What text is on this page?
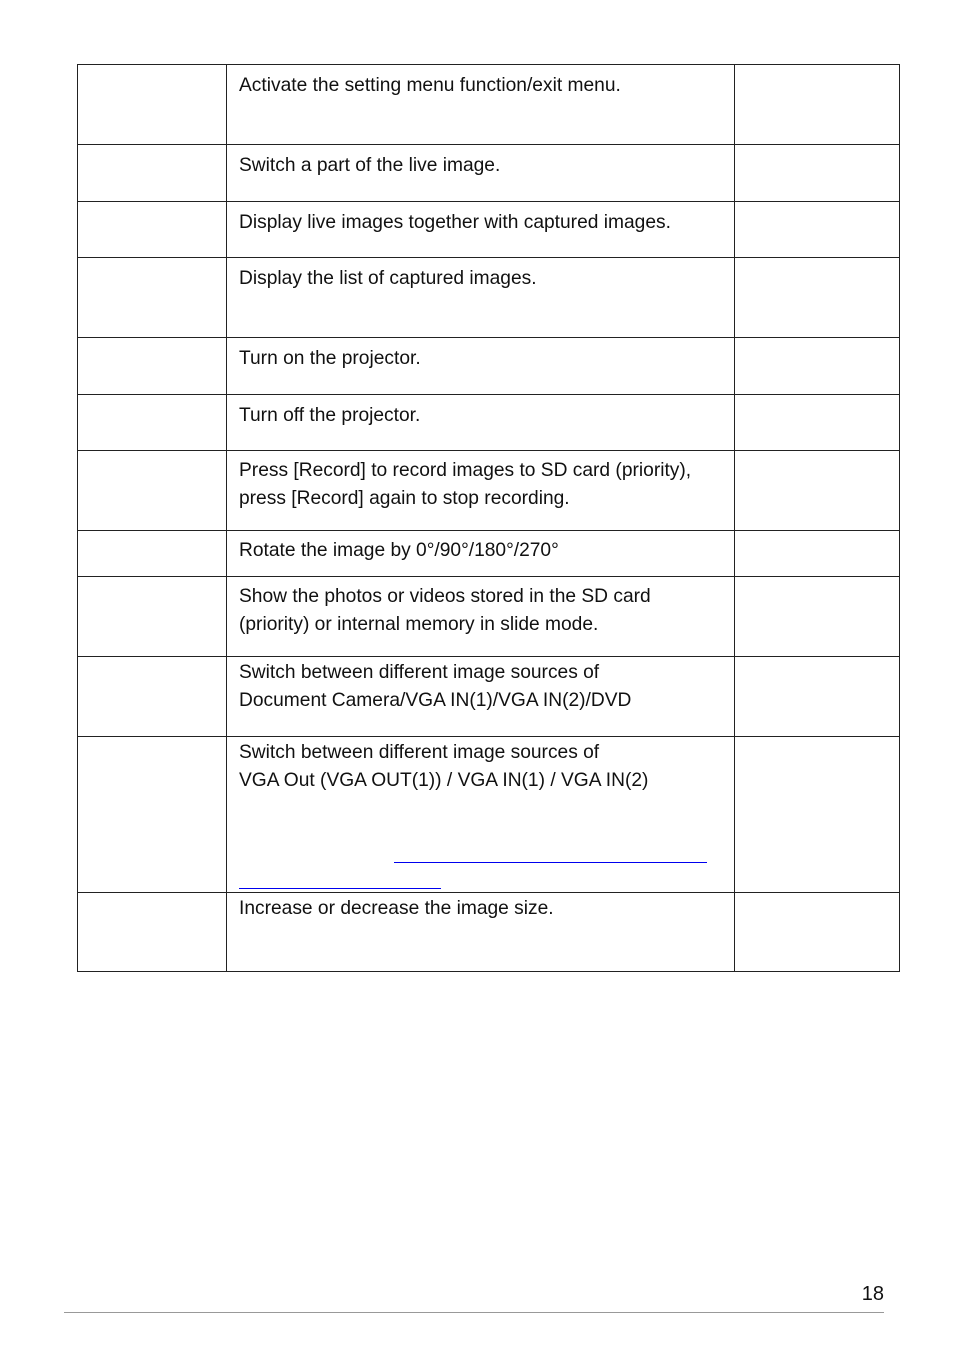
	Activate the setting menu function/exit menu.	

	Switch a part of the live image.	

	Display live images together with captured images.	

	Display the list of captured images.	

	Turn on the projector.	

	Turn off the projector.	

	Press [Record] to record images to SD card (priority),
press [Record] again to stop recording.	

	Rotate the image by 0°/90°/180°/270°	

	Show the photos or videos stored in the SD card
(priority) or internal memory in slide mode.	

	Switch between different image sources of
Document Camera/VGA IN(1)/VGA IN(2)/DVD	

	Switch between different image sources of
VGA Out (VGA OUT(1)) / VGA IN(1) / VGA IN(2)	

	Increase or decrease the image size.	

18
